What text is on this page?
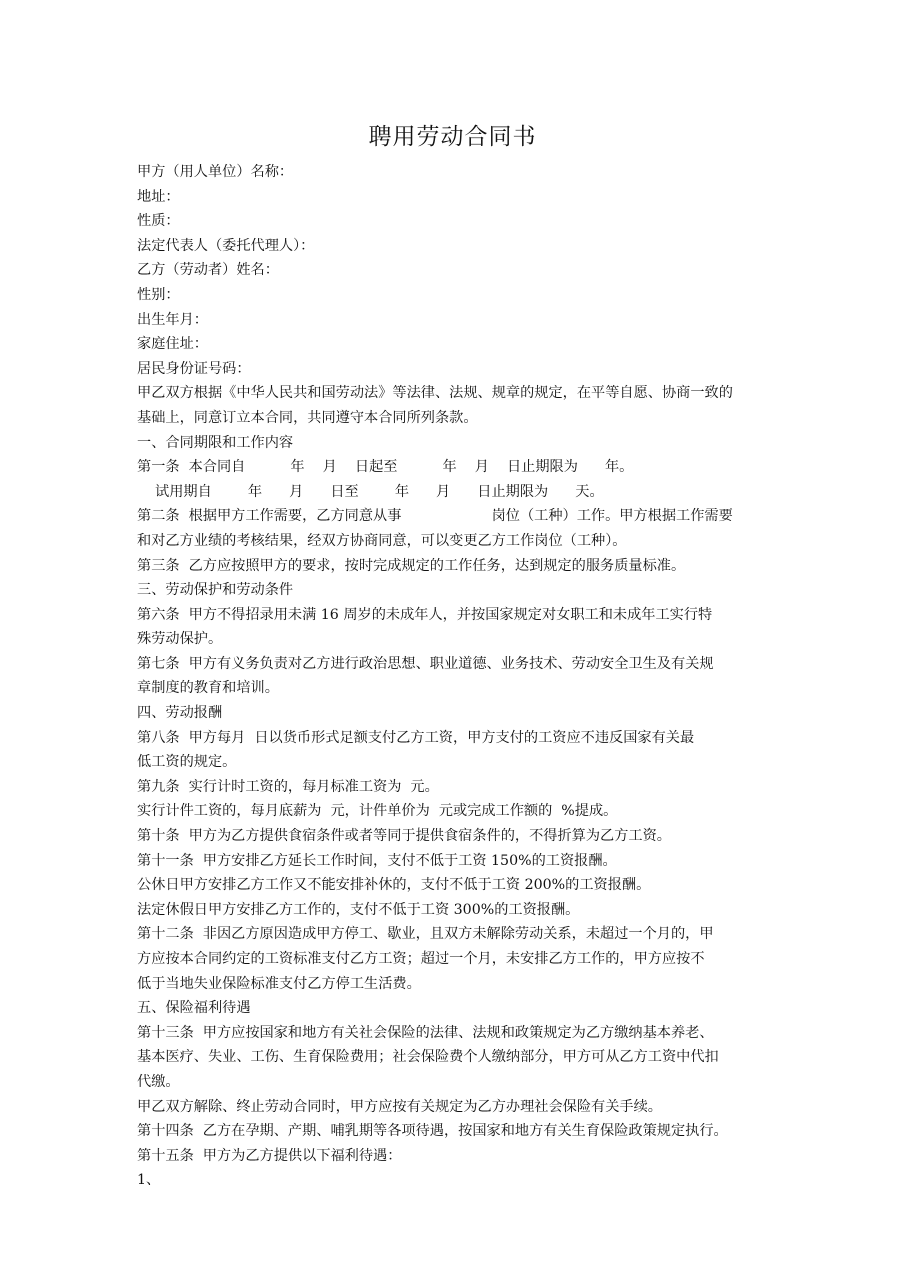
聘用劳动合同书
甲方（用人单位）名称：
地址：
性质：
法定代表人（委托代理人）：
乙方（劳动者）姓名：
性别：
出生年月：
家庭住址：
居民身份证号码：
甲乙双方根据《中华人民共和国劳动法》等法律、法规、规章的规定，在平等自愿、协商一致的
基础上，同意订立本合同，共同遵守本合同所列条款。
一、合同期限和工作内容
第一条  本合同自          年    月    日起至          年    月    日止期限为      年。
试用期自        年      月      日至        年      月      日止期限为      天。
第二条  根据甲方工作需要，乙方同意从事                    岗位（工种）工作。甲方根据工作需要
和对乙方业绩的考核结果，经双方协商同意，可以变更乙方工作岗位（工种）。
第三条  乙方应按照甲方的要求，按时完成规定的工作任务，达到规定的服务质量标准。
三、劳动保护和劳动条件
第六条  甲方不得招录用未满 16 周岁的未成年人，并按国家规定对女职工和未成年工实行特
殊劳动保护。
第七条  甲方有义务负责对乙方进行政治思想、职业道德、业务技术、劳动安全卫生及有关规
章制度的教育和培训。
四、劳动报酬
第八条  甲方每月  日以货币形式足额支付乙方工资，甲方支付的工资应不违反国家有关最
低工资的规定。
第九条  实行计时工资的，每月标准工资为  元。
实行计件工资的，每月底薪为  元，计件单价为  元或完成工作额的  %提成。
第十条  甲方为乙方提供食宿条件或者等同于提供食宿条件的，不得折算为乙方工资。
第十一条  甲方安排乙方延长工作时间，支付不低于工资 150%的工资报酬。
公休日甲方安排乙方工作又不能安排补休的，支付不低于工资 200%的工资报酬。
法定休假日甲方安排乙方工作的，支付不低于工资 300%的工资报酬。
第十二条  非因乙方原因造成甲方停工、歇业，且双方未解除劳动关系，未超过一个月的，甲
方应按本合同约定的工资标准支付乙方工资；超过一个月，未安排乙方工作的，甲方应按不
低于当地失业保险标准支付乙方停工生活费。
五、保险福利待遇
第十三条  甲方应按国家和地方有关社会保险的法律、法规和政策规定为乙方缴纳基本养老、
基本医疗、失业、工伤、生育保险费用；社会保险费个人缴纳部分，甲方可从乙方工资中代扣
代缴。
甲乙双方解除、终止劳动合同时，甲方应按有关规定为乙方办理社会保险有关手续。
第十四条  乙方在孕期、产期、哺乳期等各项待遇，按国家和地方有关生育保险政策规定执行。
第十五条  甲方为乙方提供以下福利待遇：
1、
